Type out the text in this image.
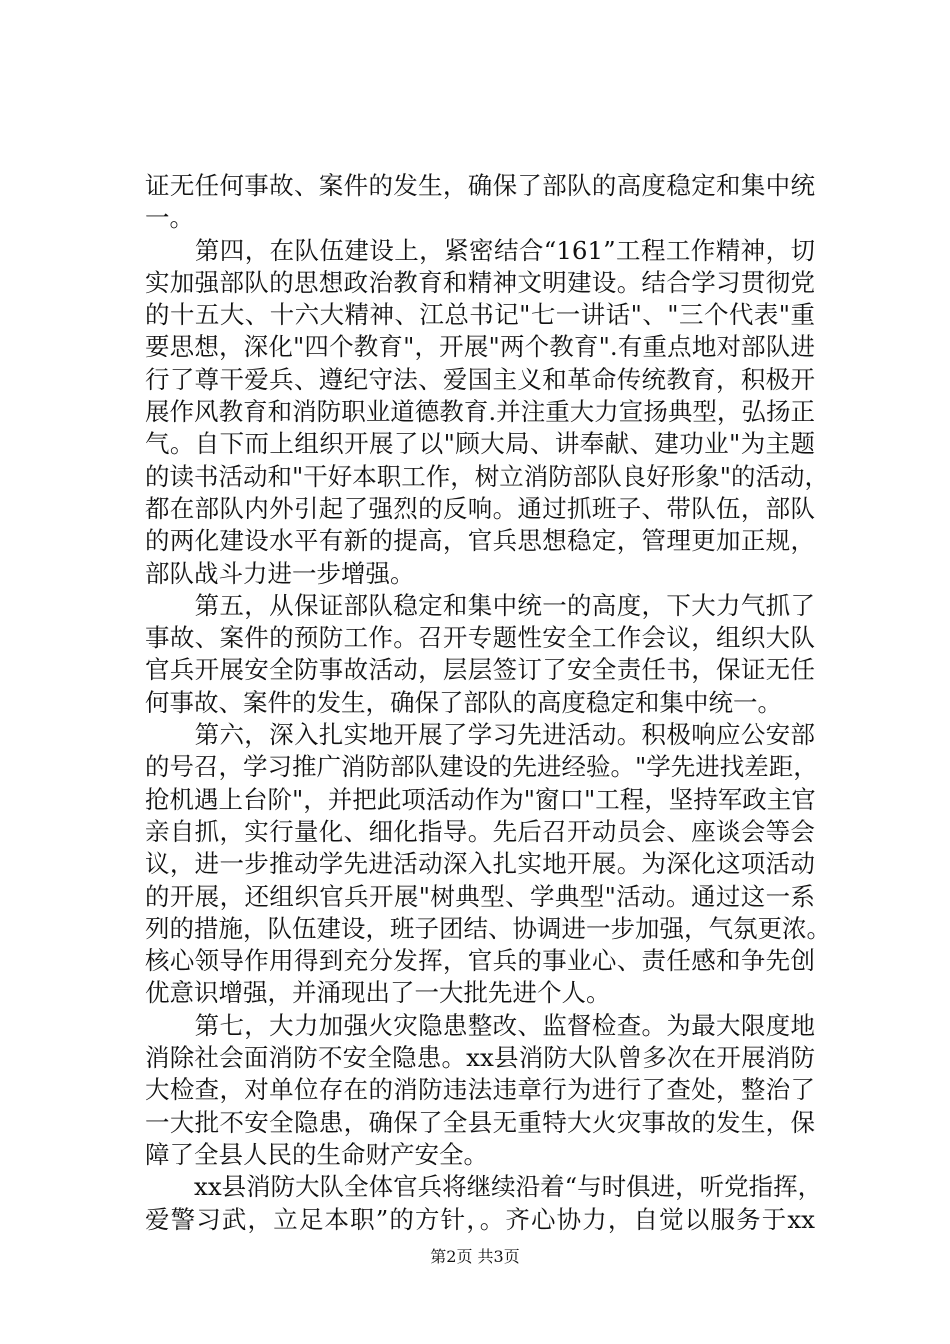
证无任何事故、案件的发生，确保了部队的高度稳定和集中统
一。
　　第四，在队伍建设上，紧密结合“161”工程工作精神，切
实加强部队的思想政治教育和精神文明建设。结合学习贯彻党
的十五大、十六大精神、江总书记"七一讲话"、"三个代表"重
要思想，深化"四个教育"，开展"两个教育".有重点地对部队进
行了尊干爱兵、遵纪守法、爱国主义和革命传统教育，积极开
展作风教育和消防职业道德教育.并注重大力宣扬典型，弘扬正
气。自下而上组织开展了以"顾大局、讲奉献、建功业"为主题
的读书活动和"干好本职工作，树立消防部队良好形象"的活动，
都在部队内外引起了强烈的反响。通过抓班子、带队伍，部队
的两化建设水平有新的提高，官兵思想稳定，管理更加正规，
部队战斗力进一步增强。
　　第五，从保证部队稳定和集中统一的高度，下大力气抓了
事故、案件的预防工作。召开专题性安全工作会议，组织大队
官兵开展安全防事故活动，层层签订了安全责任书，保证无任
何事故、案件的发生，确保了部队的高度稳定和集中统一。
　　第六，深入扎实地开展了学习先进活动。积极响应公安部
的号召，学习推广消防部队建设的先进经验。"学先进找差距，
抢机遇上台阶"，并把此项活动作为"窗口"工程，坚持军政主官
亲自抓，实行量化、细化指导。先后召开动员会、座谈会等会
议，进一步推动学先进活动深入扎实地开展。为深化这项活动
的开展，还组织官兵开展"树典型、学典型"活动。通过这一系
列的措施，队伍建设，班子团结、协调进一步加强，气氛更浓。
核心领导作用得到充分发挥，官兵的事业心、责任感和争先创
优意识增强，并涌现出了一大批先进个人。
　　第七，大力加强火灾隐患整改、监督检查。为最大限度地
消除社会面消防不安全隐患。xx县消防大队曾多次在开展消防
大检查，对单位存在的消防违法违章行为进行了查处，整治了
一大批不安全隐患，确保了全县无重特大火灾事故的发生，保
障了全县人民的生命财产安全。
　　xx县消防大队全体官兵将继续沿着“与时俱进，听党指挥，
爱警习武，立足本职”的方针，。齐心协力，自觉以服务于xx
第2页 共3页
